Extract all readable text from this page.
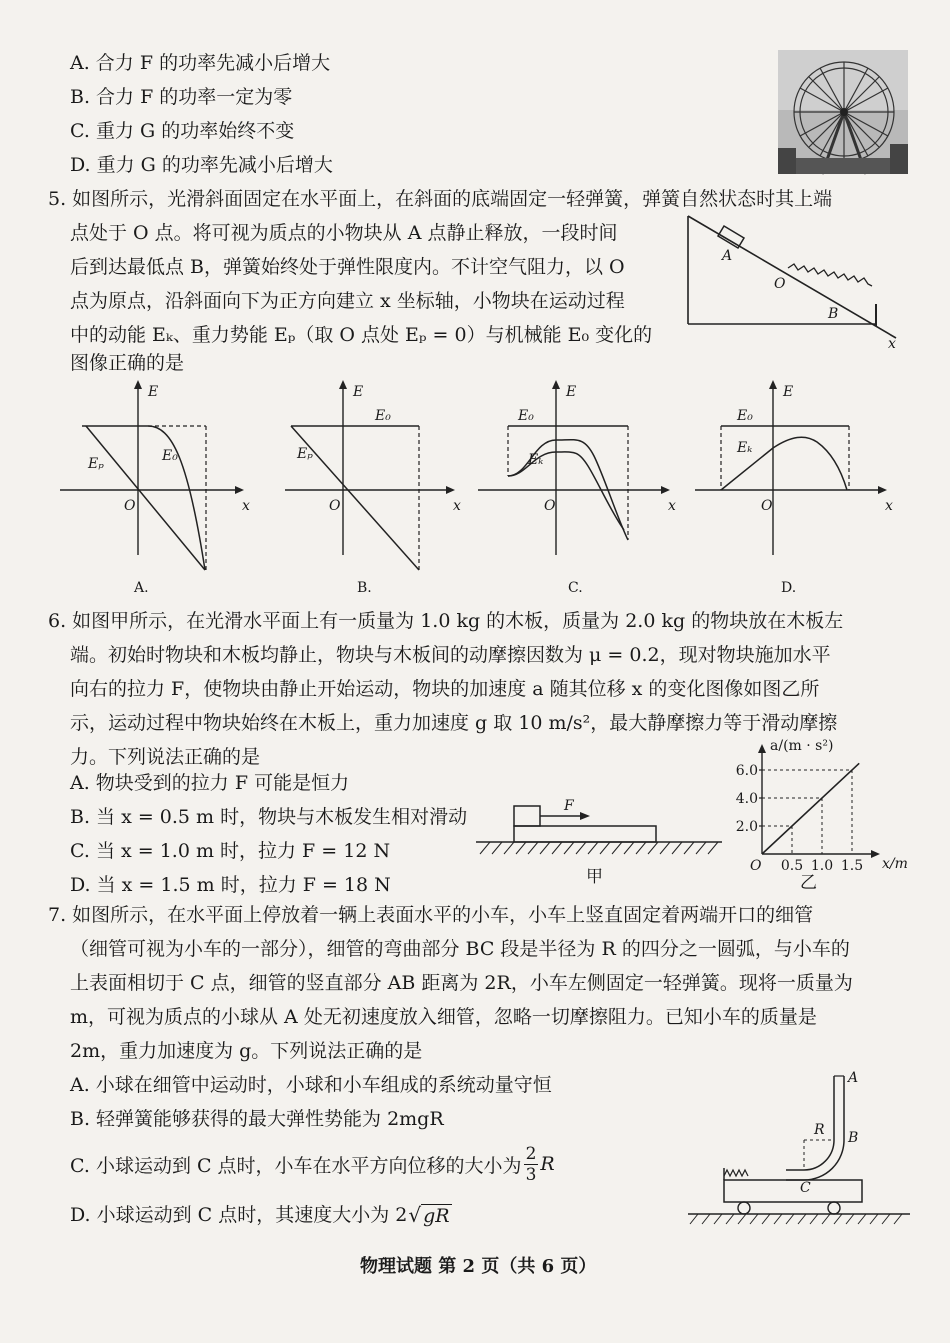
A. 合力 F 的功率先减小后增大
B. 合力 F 的功率一定为零
C. 重力 G 的功率始终不变
D. 重力 G 的功率先减小后增大
5. 如图所示，光滑斜面固定在水平面上，在斜面的底端固定一轻弹簧，弹簧自然状态时其上端
点处于 O 点。将可视为质点的小物块从 A 点静止释放，一段时间
后到达最低点 B，弹簧始终处于弹性限度内。不计空气阻力，以 O
点为原点，沿斜面向下为正方向建立 x 坐标轴，小物块在运动过程
中的动能 Eₖ、重力势能 Eₚ（取 O 点处 Eₚ = 0）与机械能 E₀ 变化的
图像正确的是
A
O
B
x
E
O	x
Eₚ	E₀
A.
E
O	x
Eₚ
E₀
B.
E
O	x
E₀
Eₖ
C.
E
O	x
E₀
Eₖ
D.
6. 如图甲所示，在光滑水平面上有一质量为 1.0 kg 的木板，质量为 2.0 kg 的物块放在木板左
端。初始时物块和木板均静止，物块与木板间的动摩擦因数为 μ = 0.2，现对物块施加水平
向右的拉力 F，使物块由静止开始运动，物块的加速度 a 随其位移 x 的变化图像如图乙所
示，运动过程中物块始终在木板上，重力加速度 g 取 10 m/s²，最大静摩擦力等于滑动摩擦
力。下列说法正确的是
A. 物块受到的拉力 F 可能是恒力
B. 当 x = 0.5 m 时，物块与木板发生相对滑动
C. 当 x = 1.0 m 时，拉力 F = 12 N
D. 当 x = 1.5 m 时，拉力 F = 18 N
F
甲
a/(m · s²)
x/m
O
6.0
4.0
2.0
0.5 1.0 1.5
乙
7. 如图所示，在水平面上停放着一辆上表面水平的小车，小车上竖直固定着两端开口的细管
（细管可视为小车的一部分），细管的弯曲部分 BC 段是半径为 R 的四分之一圆弧，与小车的
上表面相切于 C 点，细管的竖直部分 AB 距离为 2R，小车左侧固定一轻弹簧。现将一质量为
m，可视为质点的小球从 A 处无初速度放入细管，忽略一切摩擦阻力。已知小车的质量是
2m，重力加速度为 g。下列说法正确的是
A. 小球在细管中运动时，小球和小车组成的系统动量守恒
B. 轻弹簧能够获得的最大弹性势能为 2mgR
C. 小球运动到 C 点时，小车在水平方向位移的大小为 $\frac{2}{3}$ R
D. 小球运动到 C 点时，其速度大小为 2 √ gR
A
B
C
R
物理试题 第 2 页（共 6 页）
